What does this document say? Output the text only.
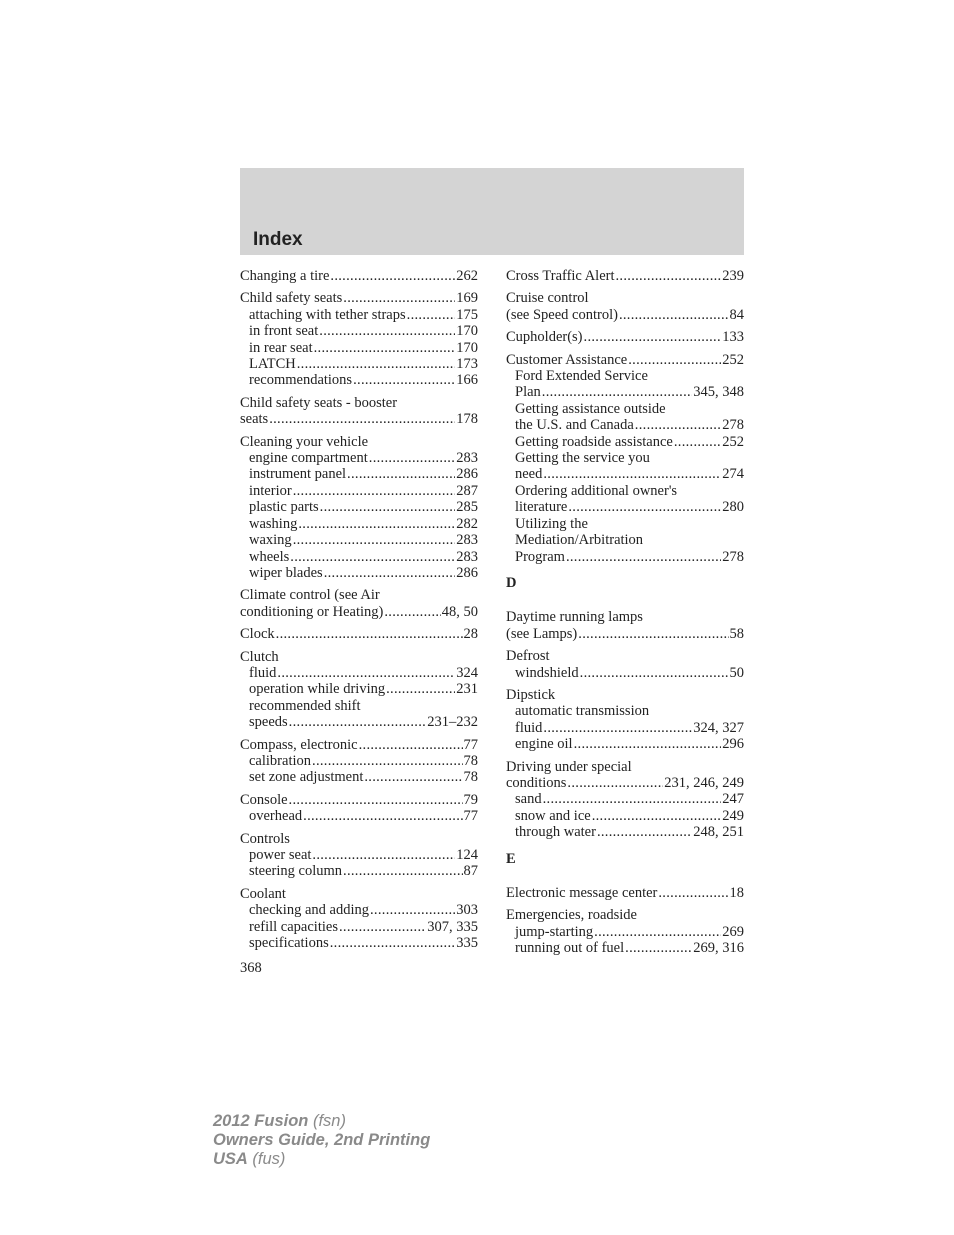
Index
Changing a tire .....	262
Child safety seats .....	169
attaching with tether straps .....	175
in front seat .....	170
in rear seat .....	170
LATCH .....	173
recommendations .....	166
Child safety seats - booster
seats .....	178
Cleaning your vehicle
engine compartment .....	283
instrument panel .....	286
interior .....	287
plastic parts .....	285
washing .....	282
waxing .....	283
wheels .....	283
wiper blades .....	286
Climate control (see Air
conditioning or Heating) .....	48, 50
Clock .....	28
Clutch
fluid .....	324
operation while driving .....	231
recommended shift
speeds .....	231–232
Compass, electronic .....	77
calibration .....	78
set zone adjustment .....	78
Console .....	79
overhead .....	77
Controls
power seat .....	124
steering column .....	87
Coolant
checking and adding .....	303
refill capacities .....	307, 335
specifications .....	335
Cross Traffic Alert .....	239
Cruise control
(see Speed control) .....	84
Cupholder(s) .....	133
Customer Assistance .....	252
Ford Extended Service
Plan .....	345, 348
Getting assistance outside
the U.S. and Canada .....	278
Getting roadside assistance .....	252
Getting the service you
need .....	274
Ordering additional owner's
literature .....	280
Utilizing the
Mediation/Arbitration
Program .....	278
D
Daytime running lamps
(see Lamps) .....	58
Defrost
windshield .....	50
Dipstick
automatic transmission
fluid .....	324, 327
engine oil .....	296
Driving under special
conditions .....	231, 246, 249
sand .....	247
snow and ice .....	249
through water .....	248, 251
E
Electronic message center .....	18
Emergencies, roadside
jump-starting .....	269
running out of fuel .....	269, 316
368
2012 Fusion (fsn)
Owners Guide, 2nd Printing
USA (fus)
